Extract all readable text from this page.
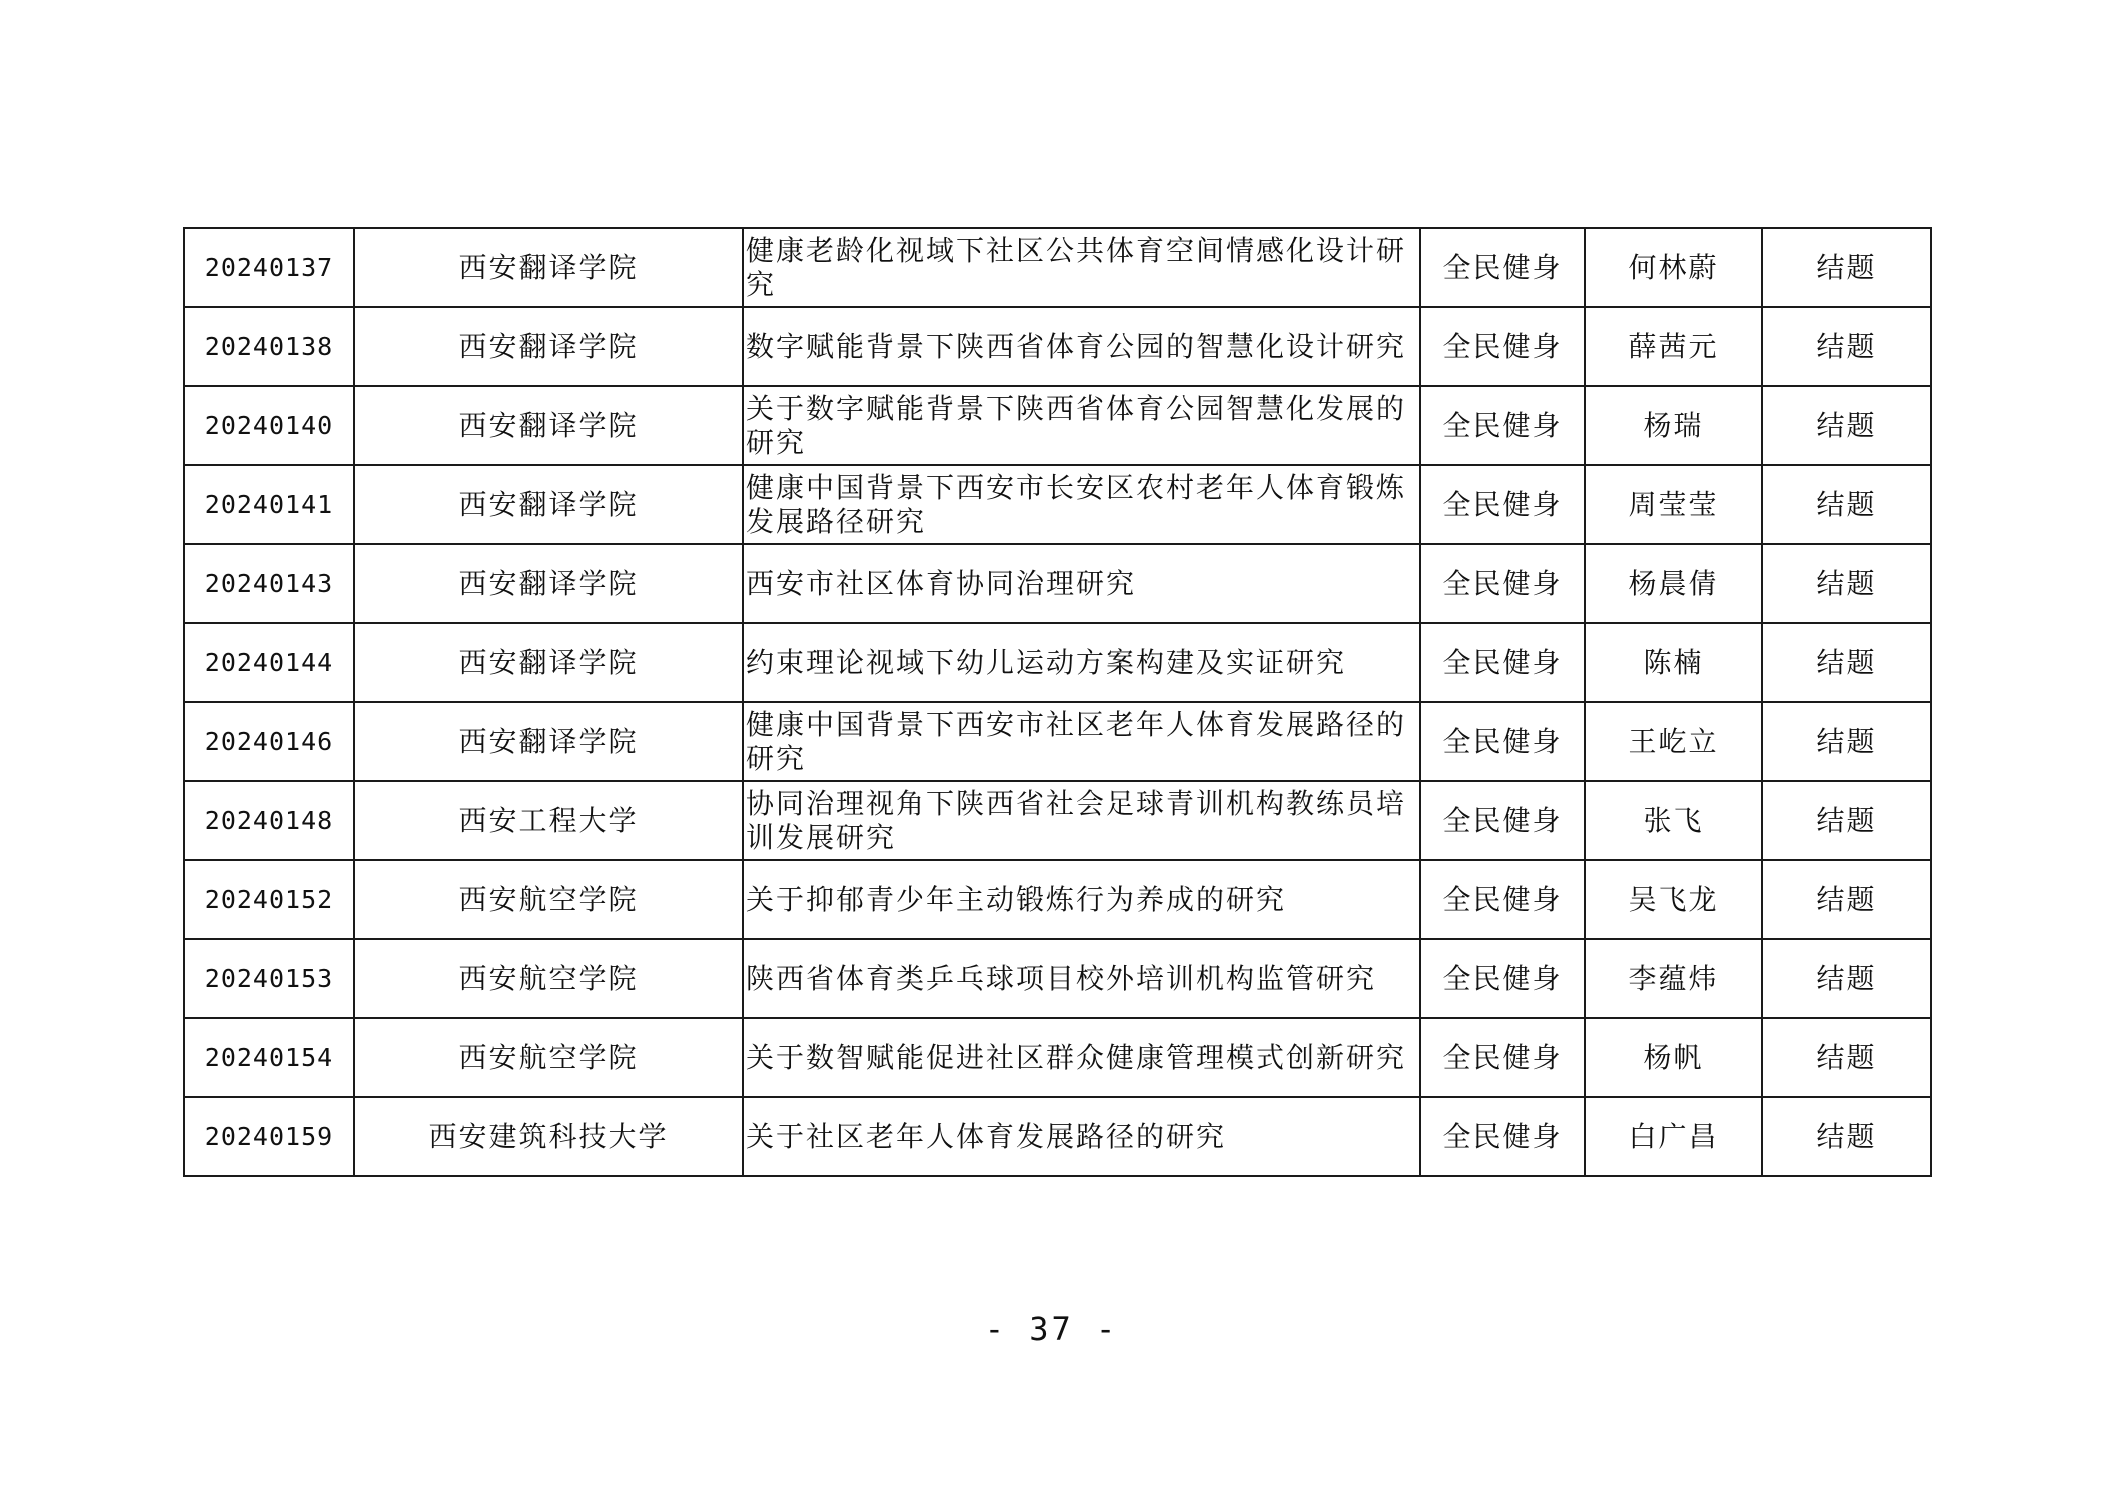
20240137	西安翻译学院	健康老龄化视域下社区公共体育空间情感化设计研究	全民健身	何林蔚	结题
20240138	西安翻译学院	数字赋能背景下陕西省体育公园的智慧化设计研究	全民健身	薛茜元	结题
20240140	西安翻译学院	关于数字赋能背景下陕西省体育公园智慧化发展的研究	全民健身	杨瑞	结题
20240141	西安翻译学院	健康中国背景下西安市长安区农村老年人体育锻炼发展路径研究	全民健身	周莹莹	结题
20240143	西安翻译学院	西安市社区体育协同治理研究	全民健身	杨晨倩	结题
20240144	西安翻译学院	约束理论视域下幼儿运动方案构建及实证研究	全民健身	陈楠	结题
20240146	西安翻译学院	健康中国背景下西安市社区老年人体育发展路径的研究	全民健身	王屹立	结题
20240148	西安工程大学	协同治理视角下陕西省社会足球青训机构教练员培训发展研究	全民健身	张飞	结题
20240152	西安航空学院	关于抑郁青少年主动锻炼行为养成的研究	全民健身	吴飞龙	结题
20240153	西安航空学院	陕西省体育类乒乓球项目校外培训机构监管研究	全民健身	李蕴炜	结题
20240154	西安航空学院	关于数智赋能促进社区群众健康管理模式创新研究	全民健身	杨帆	结题
20240159	西安建筑科技大学	关于社区老年人体育发展路径的研究	全民健身	白广昌	结题
- 37 -
